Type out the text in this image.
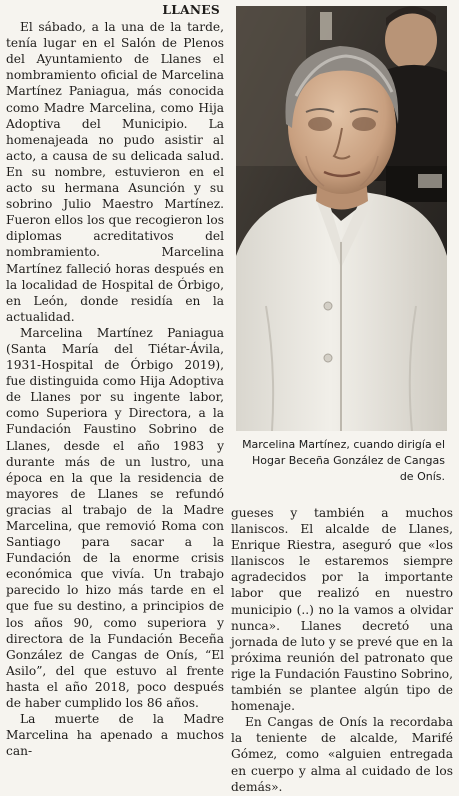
LLANES

El sábado, a la una de la tarde, tenía lugar en el Salón de Plenos del Ayuntamiento de Llanes el nombramiento oficial de Marcelina Martínez Paniagua, más conocida como Madre Marcelina, como Hija Adoptiva del Municipio. La homenajeada no pudo asistir al acto, a causa de su delicada salud. En su nombre, estuvieron en el acto su hermana Asunción y su sobrino Julio Maestro Martínez. Fueron ellos los que recogieron los diplomas acreditativos del nombramiento. Marcelina Martínez falleció horas después en la localidad de Hospital de Órbigo, en León, donde residía en la actualidad.

Marcelina Martínez Paniagua (Santa María del Tiétar-Ávila, 1931-Hospital de Órbigo 2019), fue distinguida como Hija Adoptiva de Llanes por su ingente labor, como Superiora y Directora, a la Fundación Faustino Sobrino de Llanes, desde el año 1983 y durante más de un lustro, una época en la que la residencia de mayores de Llanes se refundó gracias al trabajo de la Madre Marcelina, que removió Roma con Santiago para sacar a la Fundación de la enorme crisis económica que vivía. Un trabajo parecido lo hizo más tarde en el que fue su destino, a principios de los años 90, como superiora y directora de la Fundación Beceña González de Cangas de Onís, “El Asilo”, del que estuvo al frente hasta el año 2018, poco después de haber cumplido los 86 años.

La muerte de la Madre Marcelina ha apenado a muchos can-

Marcelina Martínez, cuando dirigía el Hogar Beceña González de Cangas de Onís.

gueses y también a muchos llaniscos. El alcalde de Llanes, Enrique Riestra, aseguró que «los llaniscos le estaremos siempre agradecidos por la importante labor que realizó en nuestro municipio (..) no la vamos a olvidar nunca». Llanes decretó una jornada de luto y se prevé que en la próxima reunión del patronato que rige la Fundación Faustino Sobrino, también se plantee algún tipo de homenaje.

En Cangas de Onís la recordaba la teniente de alcalde, Marifé Gómez, como «alguien entregada en cuerpo y alma al cuidado de los demás».
